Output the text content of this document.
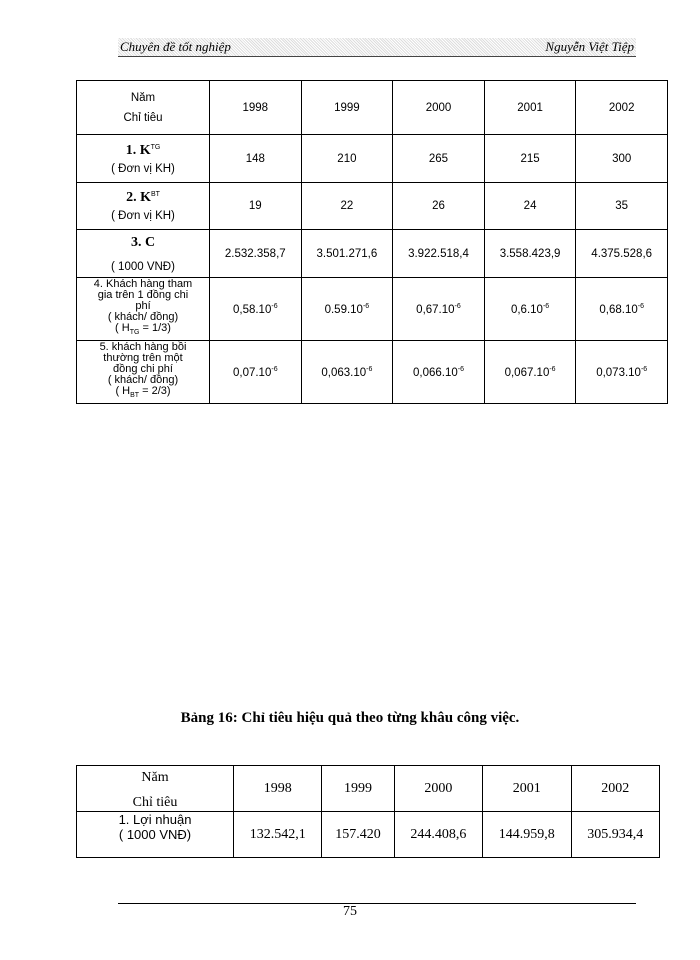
Chuyên đề tốt nghiệp	Nguyễn Việt Tiệp
Năm
Chỉ tiêu	1998	1999	2000	2001	2002

1. $K^{TG}$
( Đơn vị KH)	148	210	265	215	300

2. $K^{BT}$
( Đơn vị KH)	19	22	26	24	35

3. C
( 1000 VNĐ)	2.532.358,7	3.501.271,6	3.922.518,4	3.558.423,9	4.375.528,6

4. Khách hàng tham
gia trên 1 đồng chi
phí
( khách/ đồng)
( $H_{TG} = 1/3$)	$0,58.10^{-6}$	$0.59.10^{-6}$	$0,67.10^{-6}$	$0,6.10^{-6}$	$0,68.10^{-6}$

5. khách hàng bồi
thường trên một
đồng chi phí
( khách/ đồng)
( $H_{BT} = 2/3$)	$0,07.10^{-6}$	$0,063.10^{-6}$	$0,066.10^{-6}$	$0,067.10^{-6}$	$0,073.10^{-6}$
Bảng 16: Chỉ tiêu hiệu quả theo từng khâu công việc.
Năm
Chỉ tiêu	1998	1999	2000	2001	2002

1. Lợi nhuận
( 1000 VNĐ)	132.542,1	157.420	244.408,6	144.959,8	305.934,4
75
